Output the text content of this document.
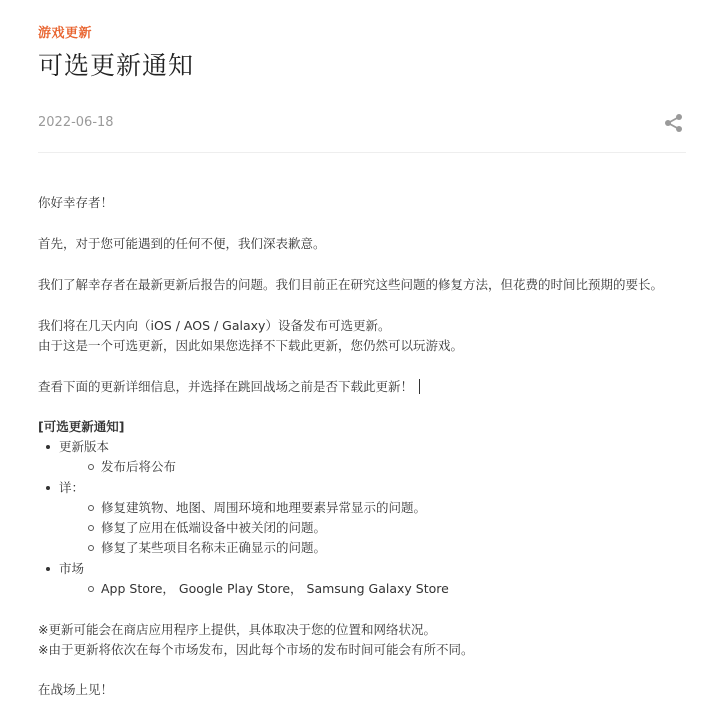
游戏更新
可选更新通知
2022-06-18
你好幸存者！
首先，对于您可能遇到的任何不便，我们深表歉意。
我们了解幸存者在最新更新后报告的问题。我们目前正在研究这些问题的修复方法，但花费的时间比预期的要长。
我们将在几天内向（iOS / AOS / Galaxy）设备发布可选更新。
由于这是一个可选更新，因此如果您选择不下载此更新，您仍然可以玩游戏。
查看下面的更新详细信息，并选择在跳回战场之前是否下载此更新！
[可选更新通知]
更新版本
发布后将公布
详：
修复建筑物、地图、周围环境和地理要素异常显示的问题。
修复了应用在低端设备中被关闭的问题。
修复了某些项目名称未正确显示的问题。
市场
App Store， Google Play Store， Samsung Galaxy Store
※更新可能会在商店应用程序上提供，具体取决于您的位置和网络状况。
※由于更新将依次在每个市场发布，因此每个市场的发布时间可能会有所不同。
在战场上见！
